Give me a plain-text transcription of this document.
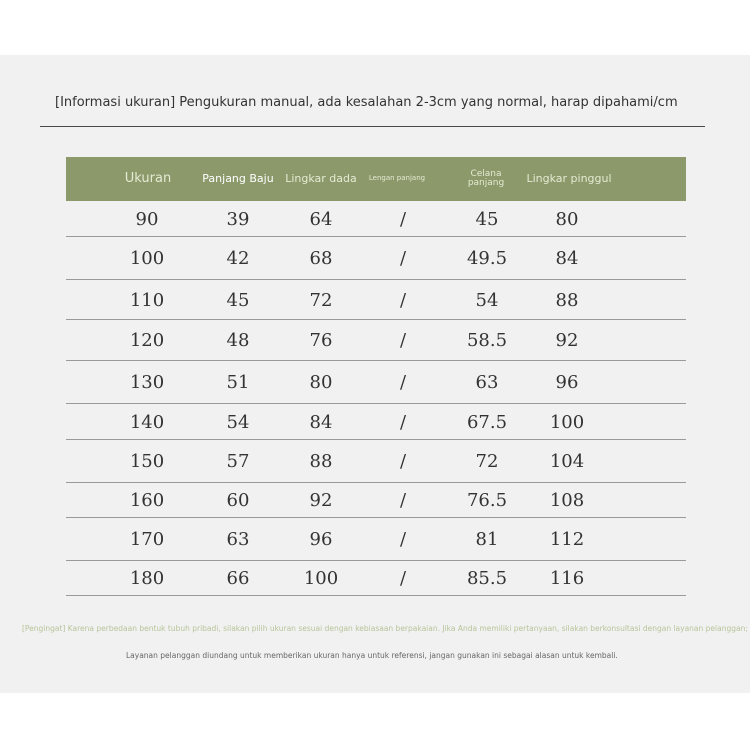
[Informasi ukuran] Pengukuran manual, ada kesalahan 2-3cm yang normal, harap dipahami/cm
Ukuran	Panjang Baju	Lingkar dada	Lengan panjang	Celana panjang	Lingkar pinggul
90	39	64	/	45	80
100	42	68	/	49.5	84
110	45	72	/	54	88
120	48	76	/	58.5	92
130	51	80	/	63	96
140	54	84	/	67.5	100
150	57	88	/	72	104
160	60	92	/	76.5	108
170	63	96	/	81	112
180	66	100	/	85.5	116
[Pengingat] Karena perbedaan bentuk tubuh pribadi, silakan pilih ukuran sesuai dengan kebiasaan berpakaian. Jika Anda memiliki pertanyaan, silakan berkonsultasi dengan layanan pelanggan;
Layanan pelanggan diundang untuk memberikan ukuran hanya untuk referensi, jangan gunakan ini sebagai alasan untuk kembali.
